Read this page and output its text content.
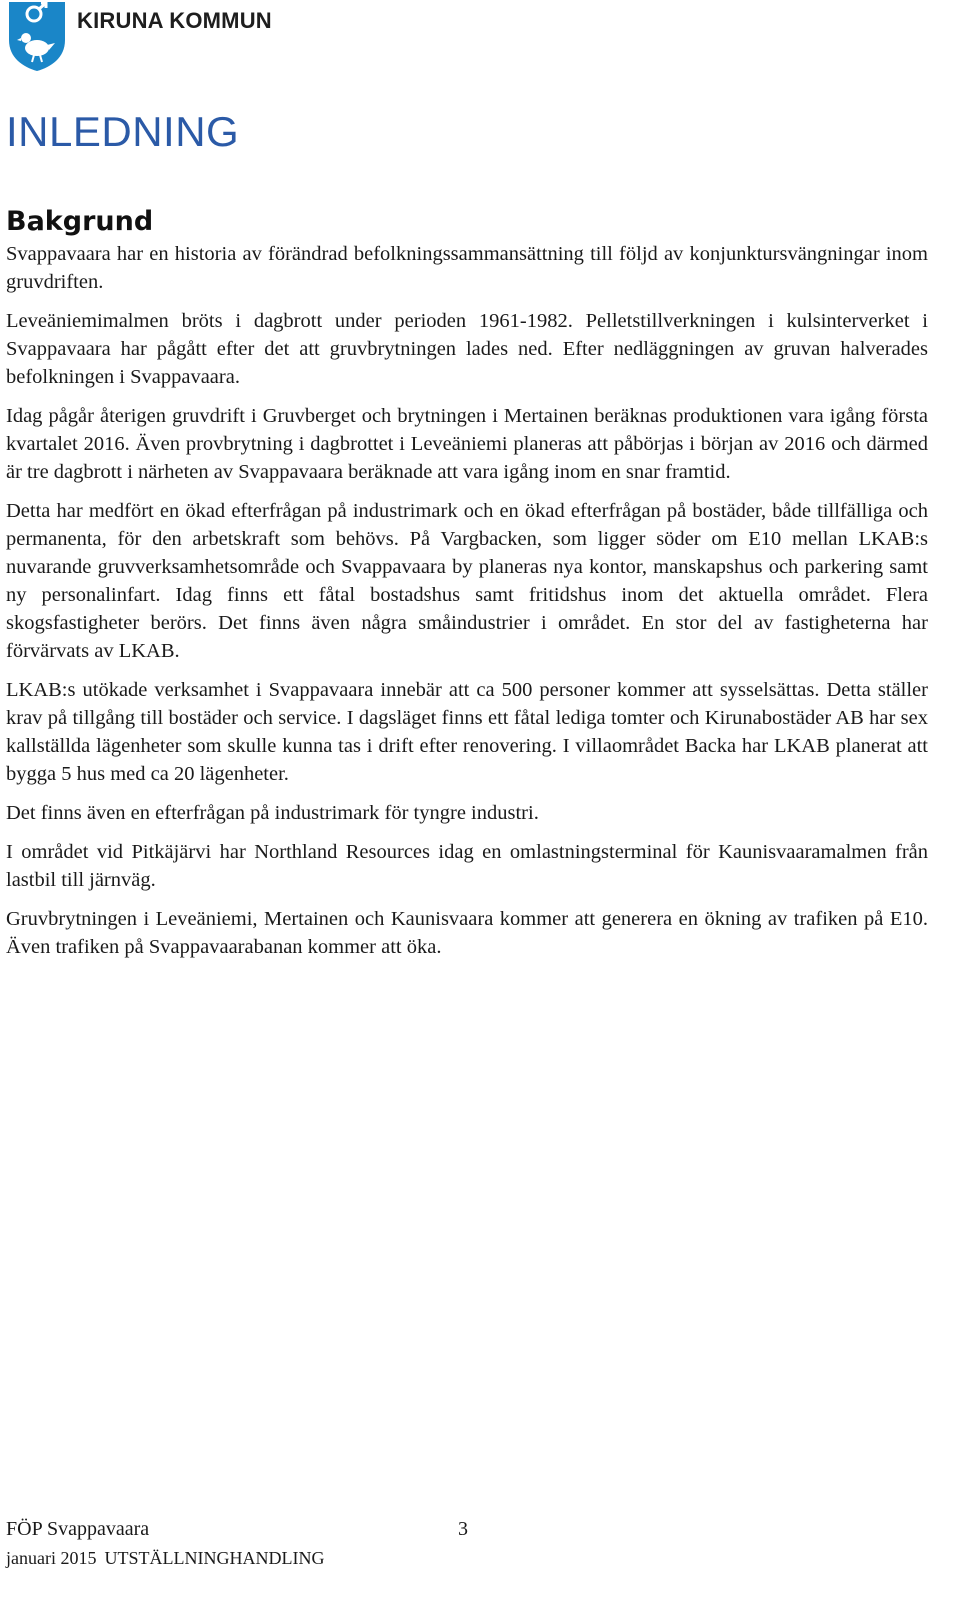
KIRUNA KOMMUN
INLEDNING
Bakgrund

Svappavaara har en historia av förändrad befolkningssammansättning till följd av konjunktursvängningar inom gruvdriften.

Leveäniemimalmen bröts i dagbrott under perioden 1961-1982. Pelletstillverkningen i kulsinterverket i Svappavaara har pågått efter det att gruvbrytningen lades ned. Efter nedläggningen av gruvan halverades befolkningen i Svappavaara.

Idag pågår återigen gruvdrift i Gruvberget och brytningen i Mertainen beräknas produktionen vara igång första kvartalet 2016. Även provbrytning i dagbrottet i Leveäniemi planeras att påbörjas i början av 2016 och därmed är tre dagbrott i närheten av Svappavaara beräknade att vara igång inom en snar framtid.

Detta har medfört en ökad efterfrågan på industrimark och en ökad efterfrågan på bostäder, både tillfälliga och permanenta, för den arbetskraft som behövs. På Vargbacken, som ligger söder om E10 mellan LKAB:s nuvarande gruvverksamhetsområde och Svappavaara by planeras nya kontor, manskapshus och parkering samt ny personalinfart. Idag finns ett fåtal bostadshus samt fritidshus inom det aktuella området. Flera skogsfastigheter berörs. Det finns även några småindustrier i området. En stor del av fastigheterna har förvärvats av LKAB.

LKAB:s utökade verksamhet i Svappavaara innebär att ca 500 personer kommer att sysselsättas. Detta ställer krav på tillgång till bostäder och service. I dagsläget finns ett fåtal lediga tomter och Kirunabostäder AB har sex kallställda lägenheter som skulle kunna tas i drift efter renovering. I villaområdet Backa har LKAB planerat att bygga 5 hus med ca 20 lägenheter.

Det finns även en efterfrågan på industrimark för tyngre industri.

I området vid Pitkäjärvi har Northland Resources idag en omlastningsterminal för Kaunisvaaramalmen från lastbil till järnväg.

Gruvbrytningen i Leveäniemi, Mertainen och Kaunisvaara kommer att generera en ökning av trafiken på E10. Även trafiken på Svappavaarabanan kommer att öka.

FÖP Svappavaara	3
januari 2015 UTSTÄLLNINGHANDLING
